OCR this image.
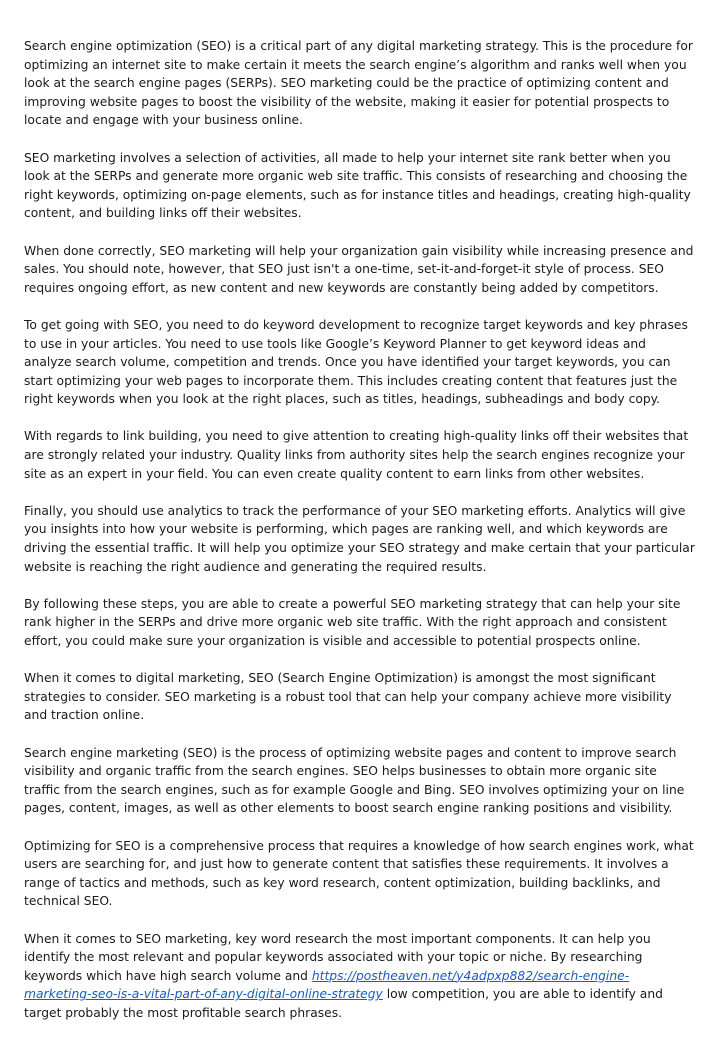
Search engine optimization (SEO) is a critical part of any digital marketing strategy. This is the procedure for optimizing an internet site to make certain it meets the search engine’s algorithm and ranks well when you look at the search engine pages (SERPs). SEO marketing could be the practice of optimizing content and improving website pages to boost the visibility of the website, making it easier for potential prospects to locate and engage with your business online.

SEO marketing involves a selection of activities, all made to help your internet site rank better when you look at the SERPs and generate more organic web site traffic. This consists of researching and choosing the right keywords, optimizing on-page elements, such as for instance titles and headings, creating high-quality content, and building links off their websites.

When done correctly, SEO marketing will help your organization gain visibility while increasing presence and sales. You should note, however, that SEO just isn't a one-time, set-it-and-forget-it style of process. SEO requires ongoing effort, as new content and new keywords are constantly being added by competitors.

To get going with SEO, you need to do keyword development to recognize target keywords and key phrases to use in your articles. You need to use tools like Google’s Keyword Planner to get keyword ideas and analyze search volume, competition and trends. Once you have identified your target keywords, you can start optimizing your web pages to incorporate them. This includes creating content that features just the right keywords when you look at the right places, such as titles, headings, subheadings and body copy.

With regards to link building, you need to give attention to creating high-quality links off their websites that are strongly related your industry. Quality links from authority sites help the search engines recognize your site as an expert in your field. You can even create quality content to earn links from other websites.

Finally, you should use analytics to track the performance of your SEO marketing efforts. Analytics will give you insights into how your website is performing, which pages are ranking well, and which keywords are driving the essential traffic. It will help you optimize your SEO strategy and make certain that your particular website is reaching the right audience and generating the required results.

By following these steps, you are able to create a powerful SEO marketing strategy that can help your site rank higher in the SERPs and drive more organic web site traffic. With the right approach and consistent effort, you could make sure your organization is visible and accessible to potential prospects online.

When it comes to digital marketing, SEO (Search Engine Optimization) is amongst the most significant strategies to consider. SEO marketing is a robust tool that can help your company achieve more visibility and traction online.

Search engine marketing (SEO) is the process of optimizing website pages and content to improve search visibility and organic traffic from the search engines. SEO helps businesses to obtain more organic site traffic from the search engines, such as for example Google and Bing. SEO involves optimizing your on line pages, content, images, as well as other elements to boost search engine ranking positions and visibility.

Optimizing for SEO is a comprehensive process that requires a knowledge of how search engines work, what users are searching for, and just how to generate content that satisfies these requirements. It involves a range of tactics and methods, such as key word research, content optimization, building backlinks, and technical SEO.

When it comes to SEO marketing, key word research the most important components. It can help you identify the most relevant and popular keywords associated with your topic or niche. By researching keywords which have high search volume and https://postheaven.net/y4adpxp882/search-engine-marketing-seo-is-a-vital-part-of-any-digital-online-strategy low competition, you are able to identify and target probably the most profitable search phrases.
